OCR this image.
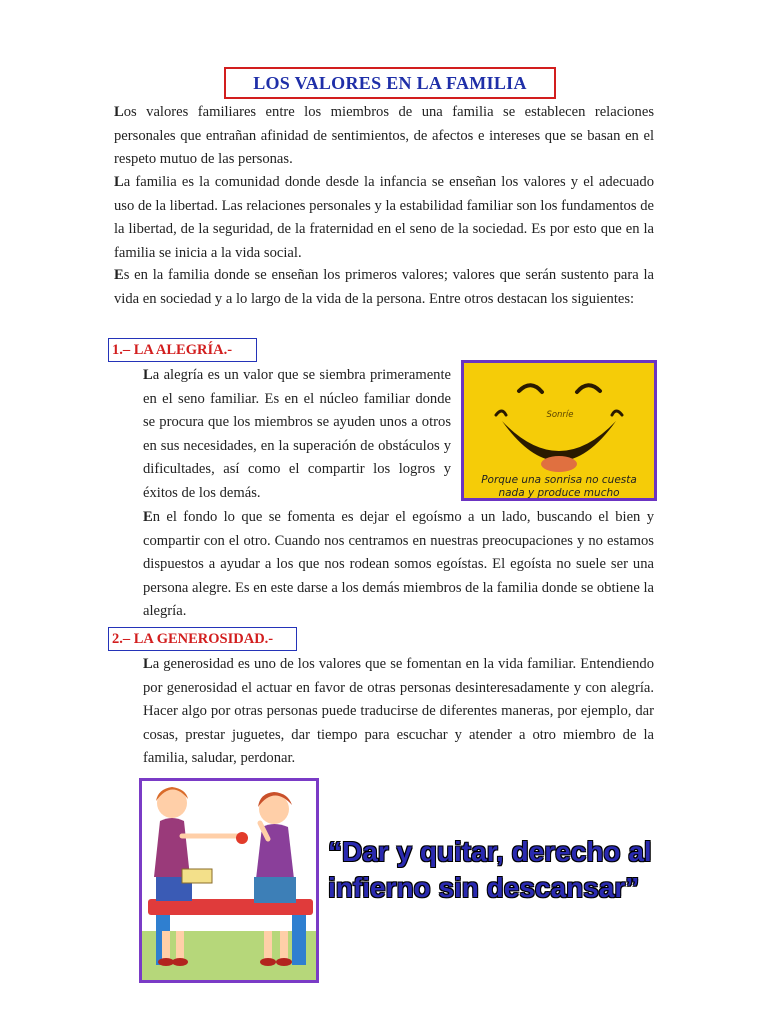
LOS VALORES EN LA FAMILIA

Los valores familiares entre los miembros de una familia se establecen relaciones personales que entrañan afinidad de sentimientos, de afectos e intereses que se basan en el respeto mutuo de las personas.

La familia es la comunidad donde desde la infancia se enseñan los valores y el adecuado uso de la libertad. Las relaciones personales y la estabilidad familiar son los fundamentos de la libertad, de la seguridad, de la fraternidad en el seno de la sociedad. Es por esto que en la familia se inicia a la vida social.

Es en la familia donde se enseñan los primeros valores; valores que serán sustento para la vida en sociedad y a lo largo de la vida de la persona. Entre otros destacan los siguientes:

1.– LA ALEGRÍA.-

La alegría es un valor que se siembra primeramente en el seno familiar. Es en el núcleo familiar donde se procura que los miembros se ayuden unos a otros en sus necesidades, en la superación de obstáculos y dificultades, así como el compartir los logros y éxitos de los demás.

Sonríe
Porque una sonrisa no cuesta
nada y produce mucho

En el fondo lo que se fomenta es dejar el egoísmo a un lado, buscando el bien y compartir con el otro. Cuando nos centramos en nuestras preocupaciones y no estamos dispuestos a ayudar a los que nos rodean somos egoístas. El egoísta no suele ser una persona alegre. Es en este darse a los demás miembros de la familia donde se obtiene la alegría.

2.– LA GENEROSIDAD.-

La generosidad es uno de los valores que se fomentan en la vida familiar. Entendiendo por generosidad el actuar en favor de otras personas desinteresadamente y con alegría. Hacer algo por otras personas puede traducirse de diferentes maneras, por ejemplo, dar cosas, prestar juguetes, dar tiempo para escuchar y atender a otro miembro de la familia, saludar, perdonar.

“Dar y quitar, derecho al
infierno sin descansar”
